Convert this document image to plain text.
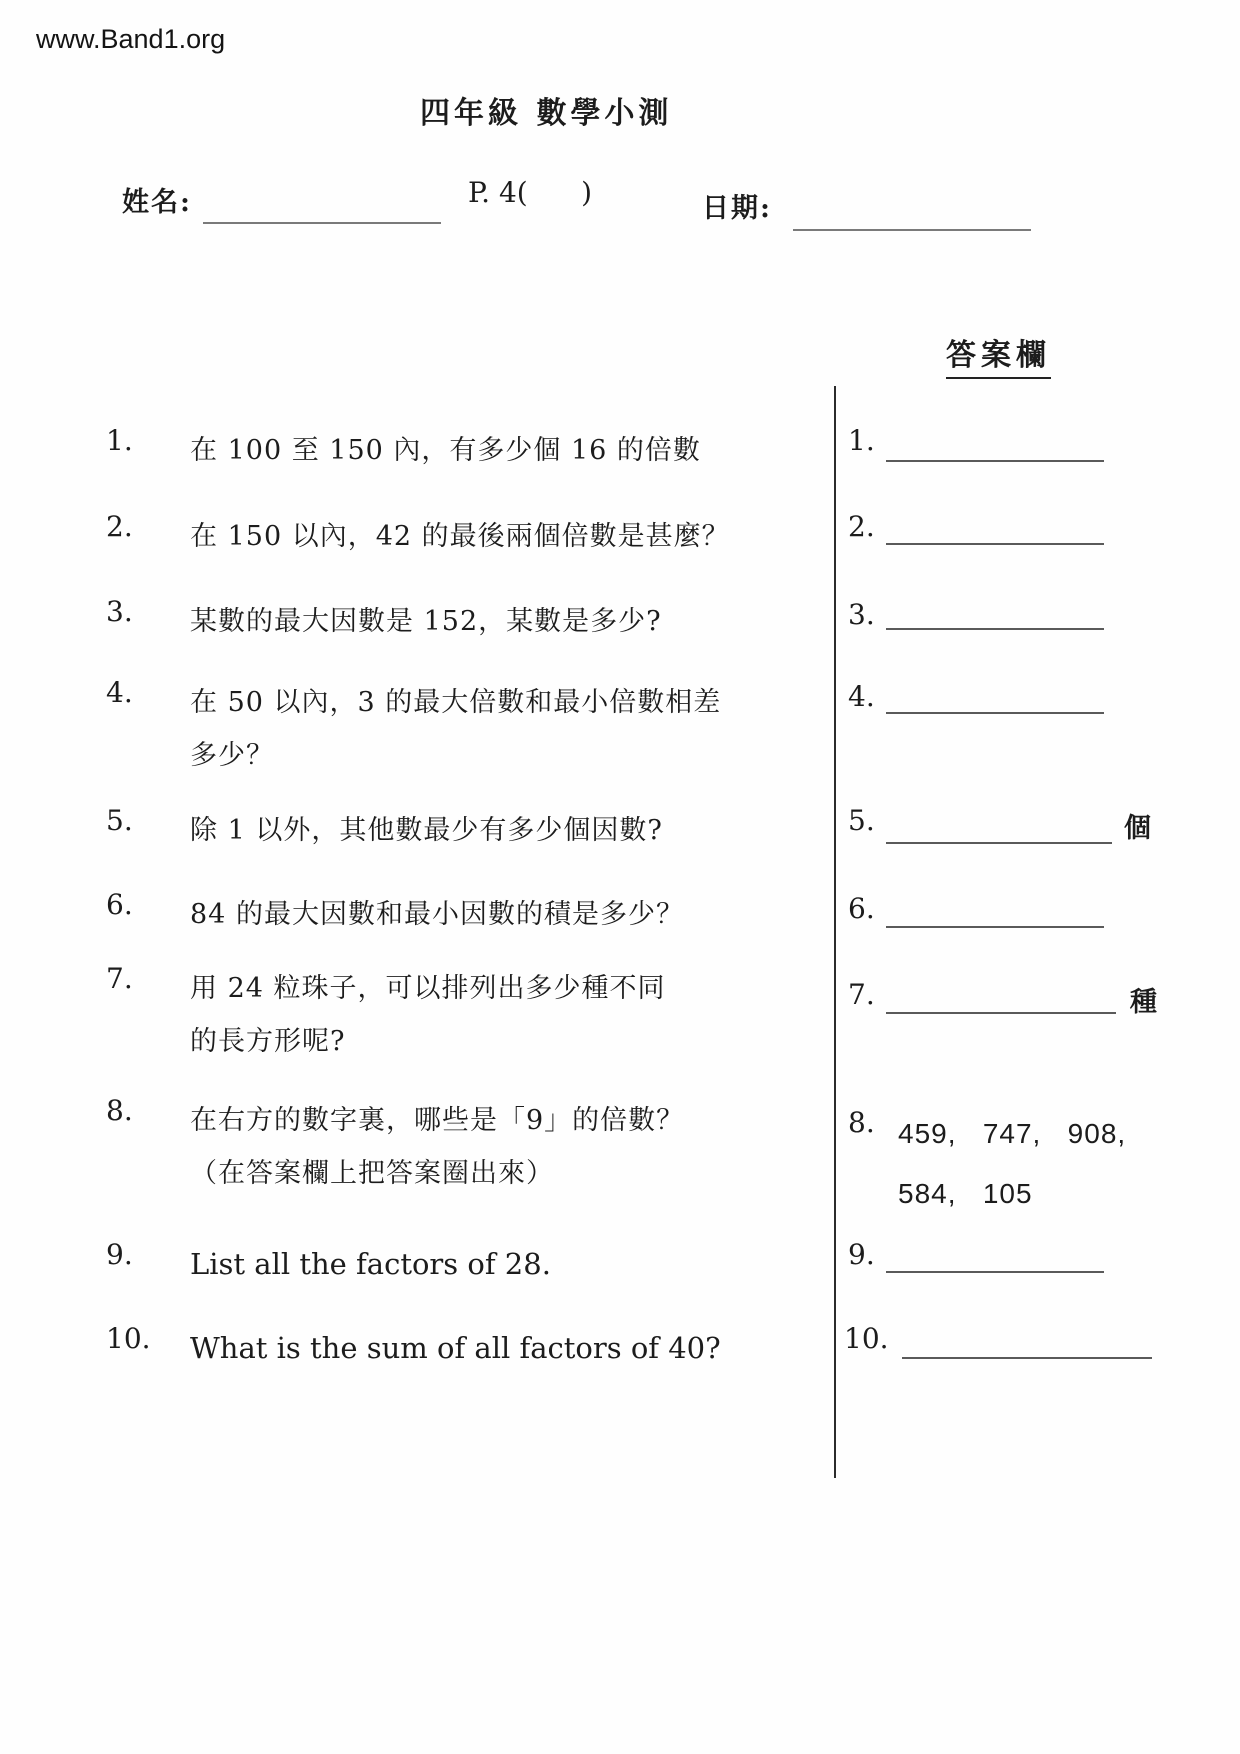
www.Band1.org
四年級 數學小測
姓名:	P. 4(      )	日期:
答案欄
1. 在 100 至 150 內，有多少個 16 的倍數
2. 在 150 以內，42 的最後兩個倍數是甚麼？
3. 某數的最大因數是 152，某數是多少?
4. 在 50 以內，3 的最大倍數和最小倍數相差
多少？
5. 除 1 以外，其他數最少有多少個因數?
6. 84 的最大因數和最小因數的積是多少？
7. 用 24 粒珠子，可以排列出多少種不同
的長方形呢?
8. 在右方的數字裏，哪些是「9」的倍數？
（在答案欄上把答案圈出來）
9. List all the factors of 28.
10. What is the sum of all factors of 40?
1.
2.
3.
4.
5.	個
6.
7.	種
8. 459,   747,   908,
584,   105
9.
10.
